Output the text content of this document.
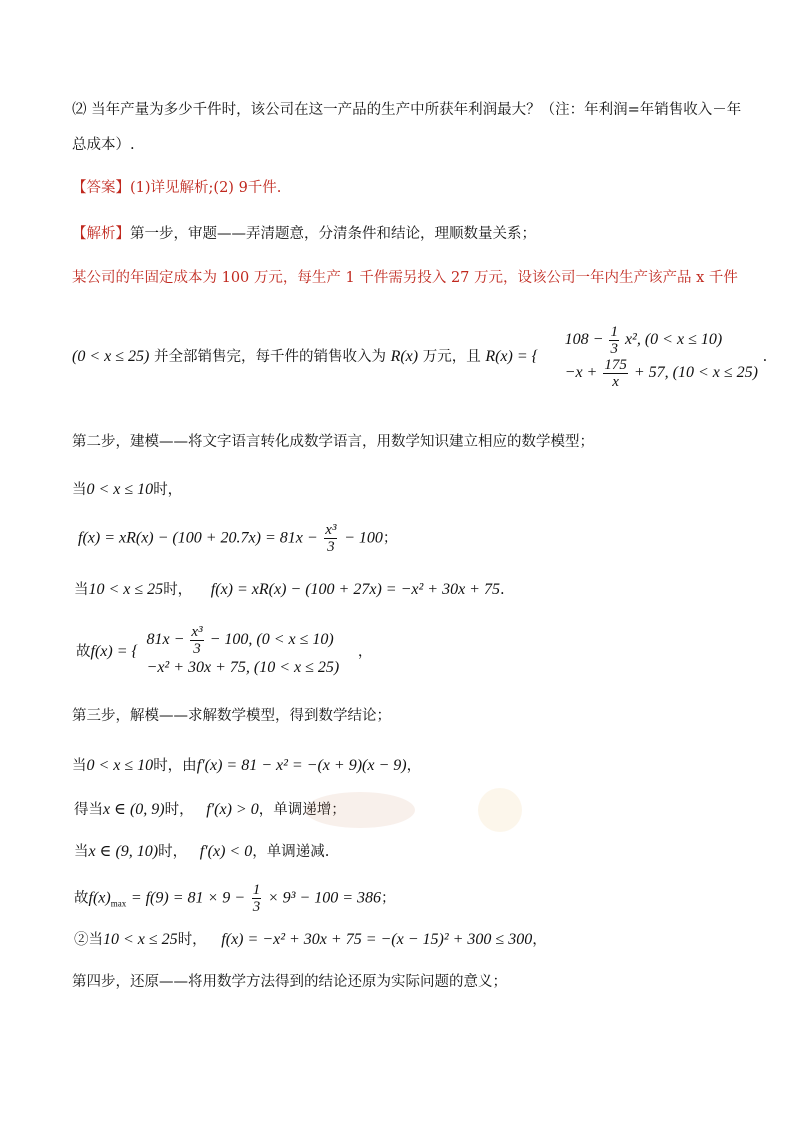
⑵ 当年产量为多少千件时，该公司在这一产品的生产中所获年利润最大？（注：年利润=年销售收入－年
总成本）.
【答案】(1)详见解析;(2) 9千件.
【解析】第一步，审题——弄清题意，分清条件和结论，理顺数量关系；
某公司的年固定成本为 100 万元，每生产 1 千件需另投入 27 万元，设该公司一年内生产该产品 x 千件
(0 < x ≤ 25) 并全部销售完，每千件的销售收入为 R(x) 万元，且 R(x) = {
$108 - \frac{1}{3} x^2$, (0 < x ≤ 10)
$-x + \frac{175}{x} + 57$, (10 < x ≤ 25)
.
第二步，建模——将文字语言转化成数学语言，用数学知识建立相应的数学模型；
当0 < x ≤ 10时，
$f(x) = xR(x) - (100 + 20.7x) = 81x - \frac{\text{x³}}{3} - 100$；
当10 < x ≤ 25时， f(x) = xR(x) − (100 + 27x) = −x² + 30x + 75.
故f(x) = {
$81x - \frac{\text{x³}}{3} - 100$, (0 < x ≤ 10)
−x² + 30x + 75, (10 < x ≤ 25)
，
第三步，解模——求解数学模型，得到数学结论；
当0 < x ≤ 10时，由f′(x) = 81 − x² = −(x + 9)(x − 9)，
得当x ∈ (0, 9)时， f′(x) > 0，单调递增；
当x ∈ (9, 10)时， f′(x) < 0，单调递减.
故$f(x)_{max} = f(9) = 81 \times 9 - \frac{1}{3} \times 9^3 - 100 = 386$；
②当10 < x ≤ 25时， f(x) = −x² + 30x + 75 = −(x − 15)² + 300 ≤ 300，
第四步，还原——将用数学方法得到的结论还原为实际问题的意义；
